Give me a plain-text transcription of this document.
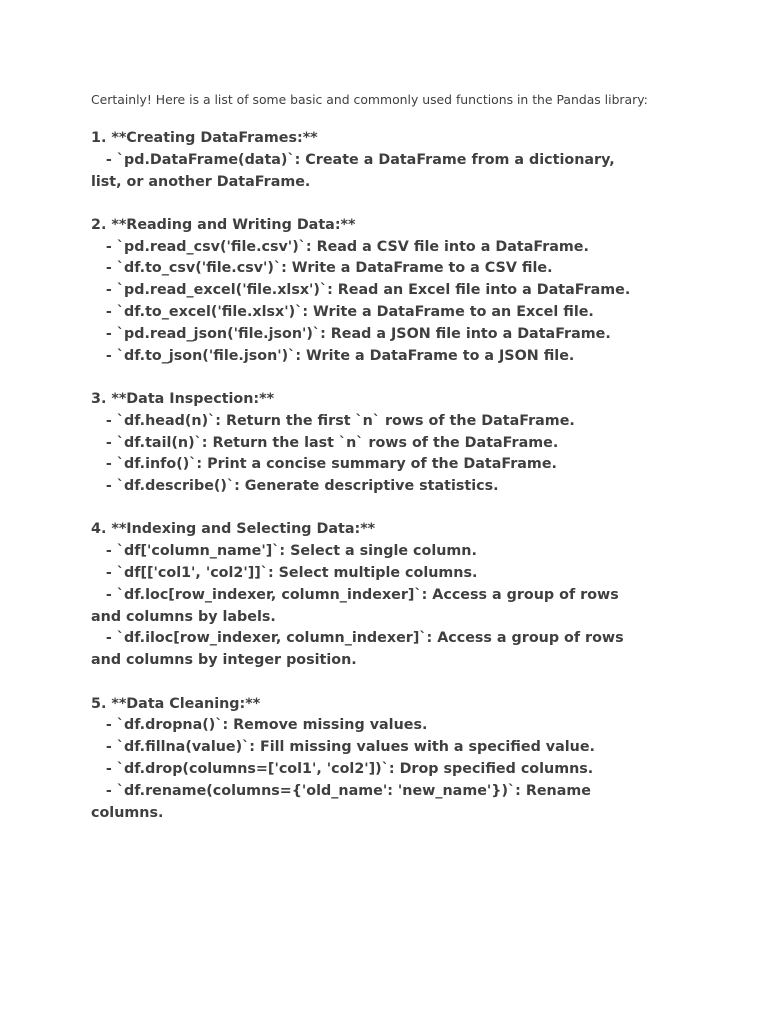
Certainly! Here is a list of some basic and commonly used functions in the Pandas library:

1. **Creating DataFrames:**

- `pd.DataFrame(data)`: Create a DataFrame from a dictionary,

list, or another DataFrame.

2. **Reading and Writing Data:**

- `pd.read_csv('file.csv')`: Read a CSV file into a DataFrame.

- `df.to_csv('file.csv')`: Write a DataFrame to a CSV file.

- `pd.read_excel('file.xlsx')`: Read an Excel file into a DataFrame.

- `df.to_excel('file.xlsx')`: Write a DataFrame to an Excel file.

- `pd.read_json('file.json')`: Read a JSON file into a DataFrame.

- `df.to_json('file.json')`: Write a DataFrame to a JSON file.

3. **Data Inspection:**

- `df.head(n)`: Return the first `n` rows of the DataFrame.

- `df.tail(n)`: Return the last `n` rows of the DataFrame.

- `df.info()`: Print a concise summary of the DataFrame.

- `df.describe()`: Generate descriptive statistics.

4. **Indexing and Selecting Data:**

- `df['column_name']`: Select a single column.

- `df[['col1', 'col2']]`: Select multiple columns.

- `df.loc[row_indexer, column_indexer]`: Access a group of rows

and columns by labels.

- `df.iloc[row_indexer, column_indexer]`: Access a group of rows

and columns by integer position.

5. **Data Cleaning:**

- `df.dropna()`: Remove missing values.

- `df.fillna(value)`: Fill missing values with a specified value.

- `df.drop(columns=['col1', 'col2'])`: Drop specified columns.

- `df.rename(columns={'old_name': 'new_name'})`: Rename

columns.
